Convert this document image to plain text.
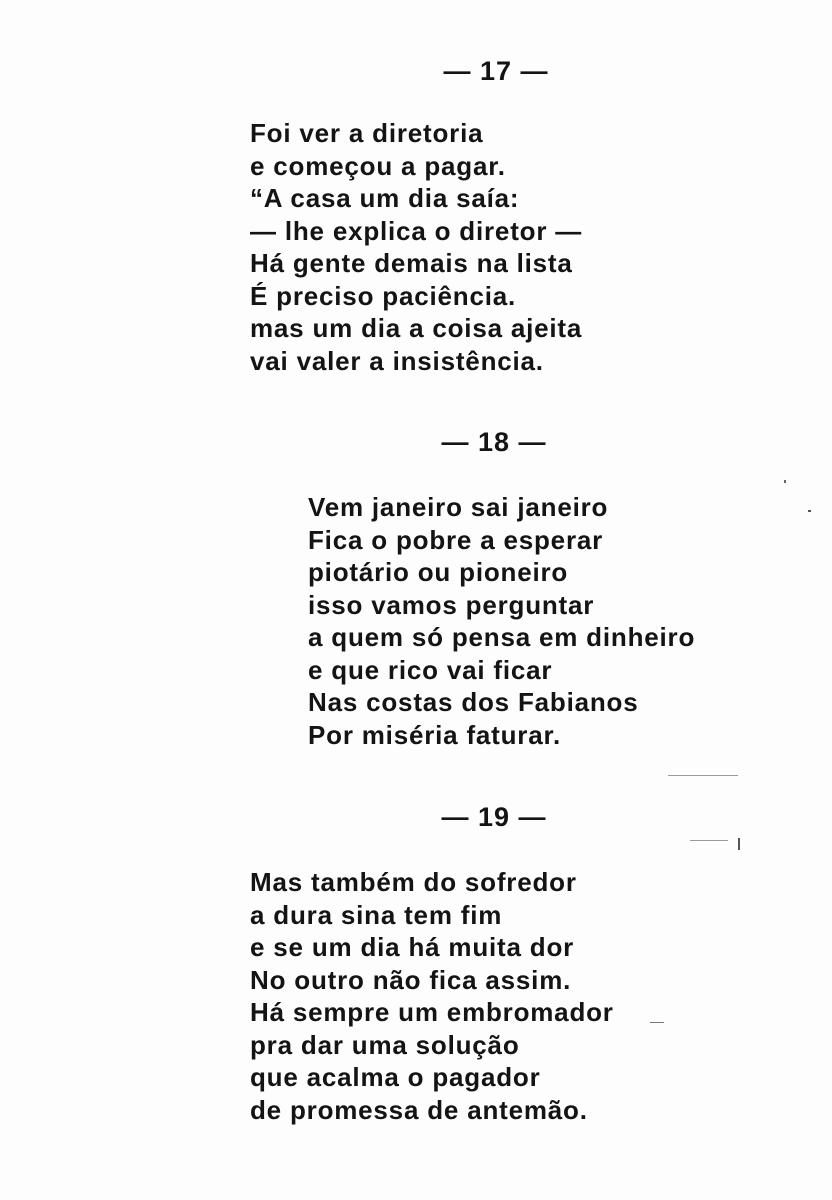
— 17 —
Foi ver a diretoria
e começou a pagar.
“A casa um dia saía:
— lhe explica o diretor —
Há gente demais na lista
É preciso paciência.
mas um dia a coisa ajeita
vai valer a insistência.
— 18 —
Vem janeiro sai janeiro
Fica o pobre a esperar
piotário ou pioneiro
isso vamos perguntar
a quem só pensa em dinheiro
e que rico vai ficar
Nas costas dos Fabianos
Por miséria faturar.
— 19 —
Mas também do sofredor
a dura sina tem fim
e se um dia há muita dor
No outro não fica assim.
Há sempre um embromador
pra dar uma solução
que acalma o pagador
de promessa de antemão.
